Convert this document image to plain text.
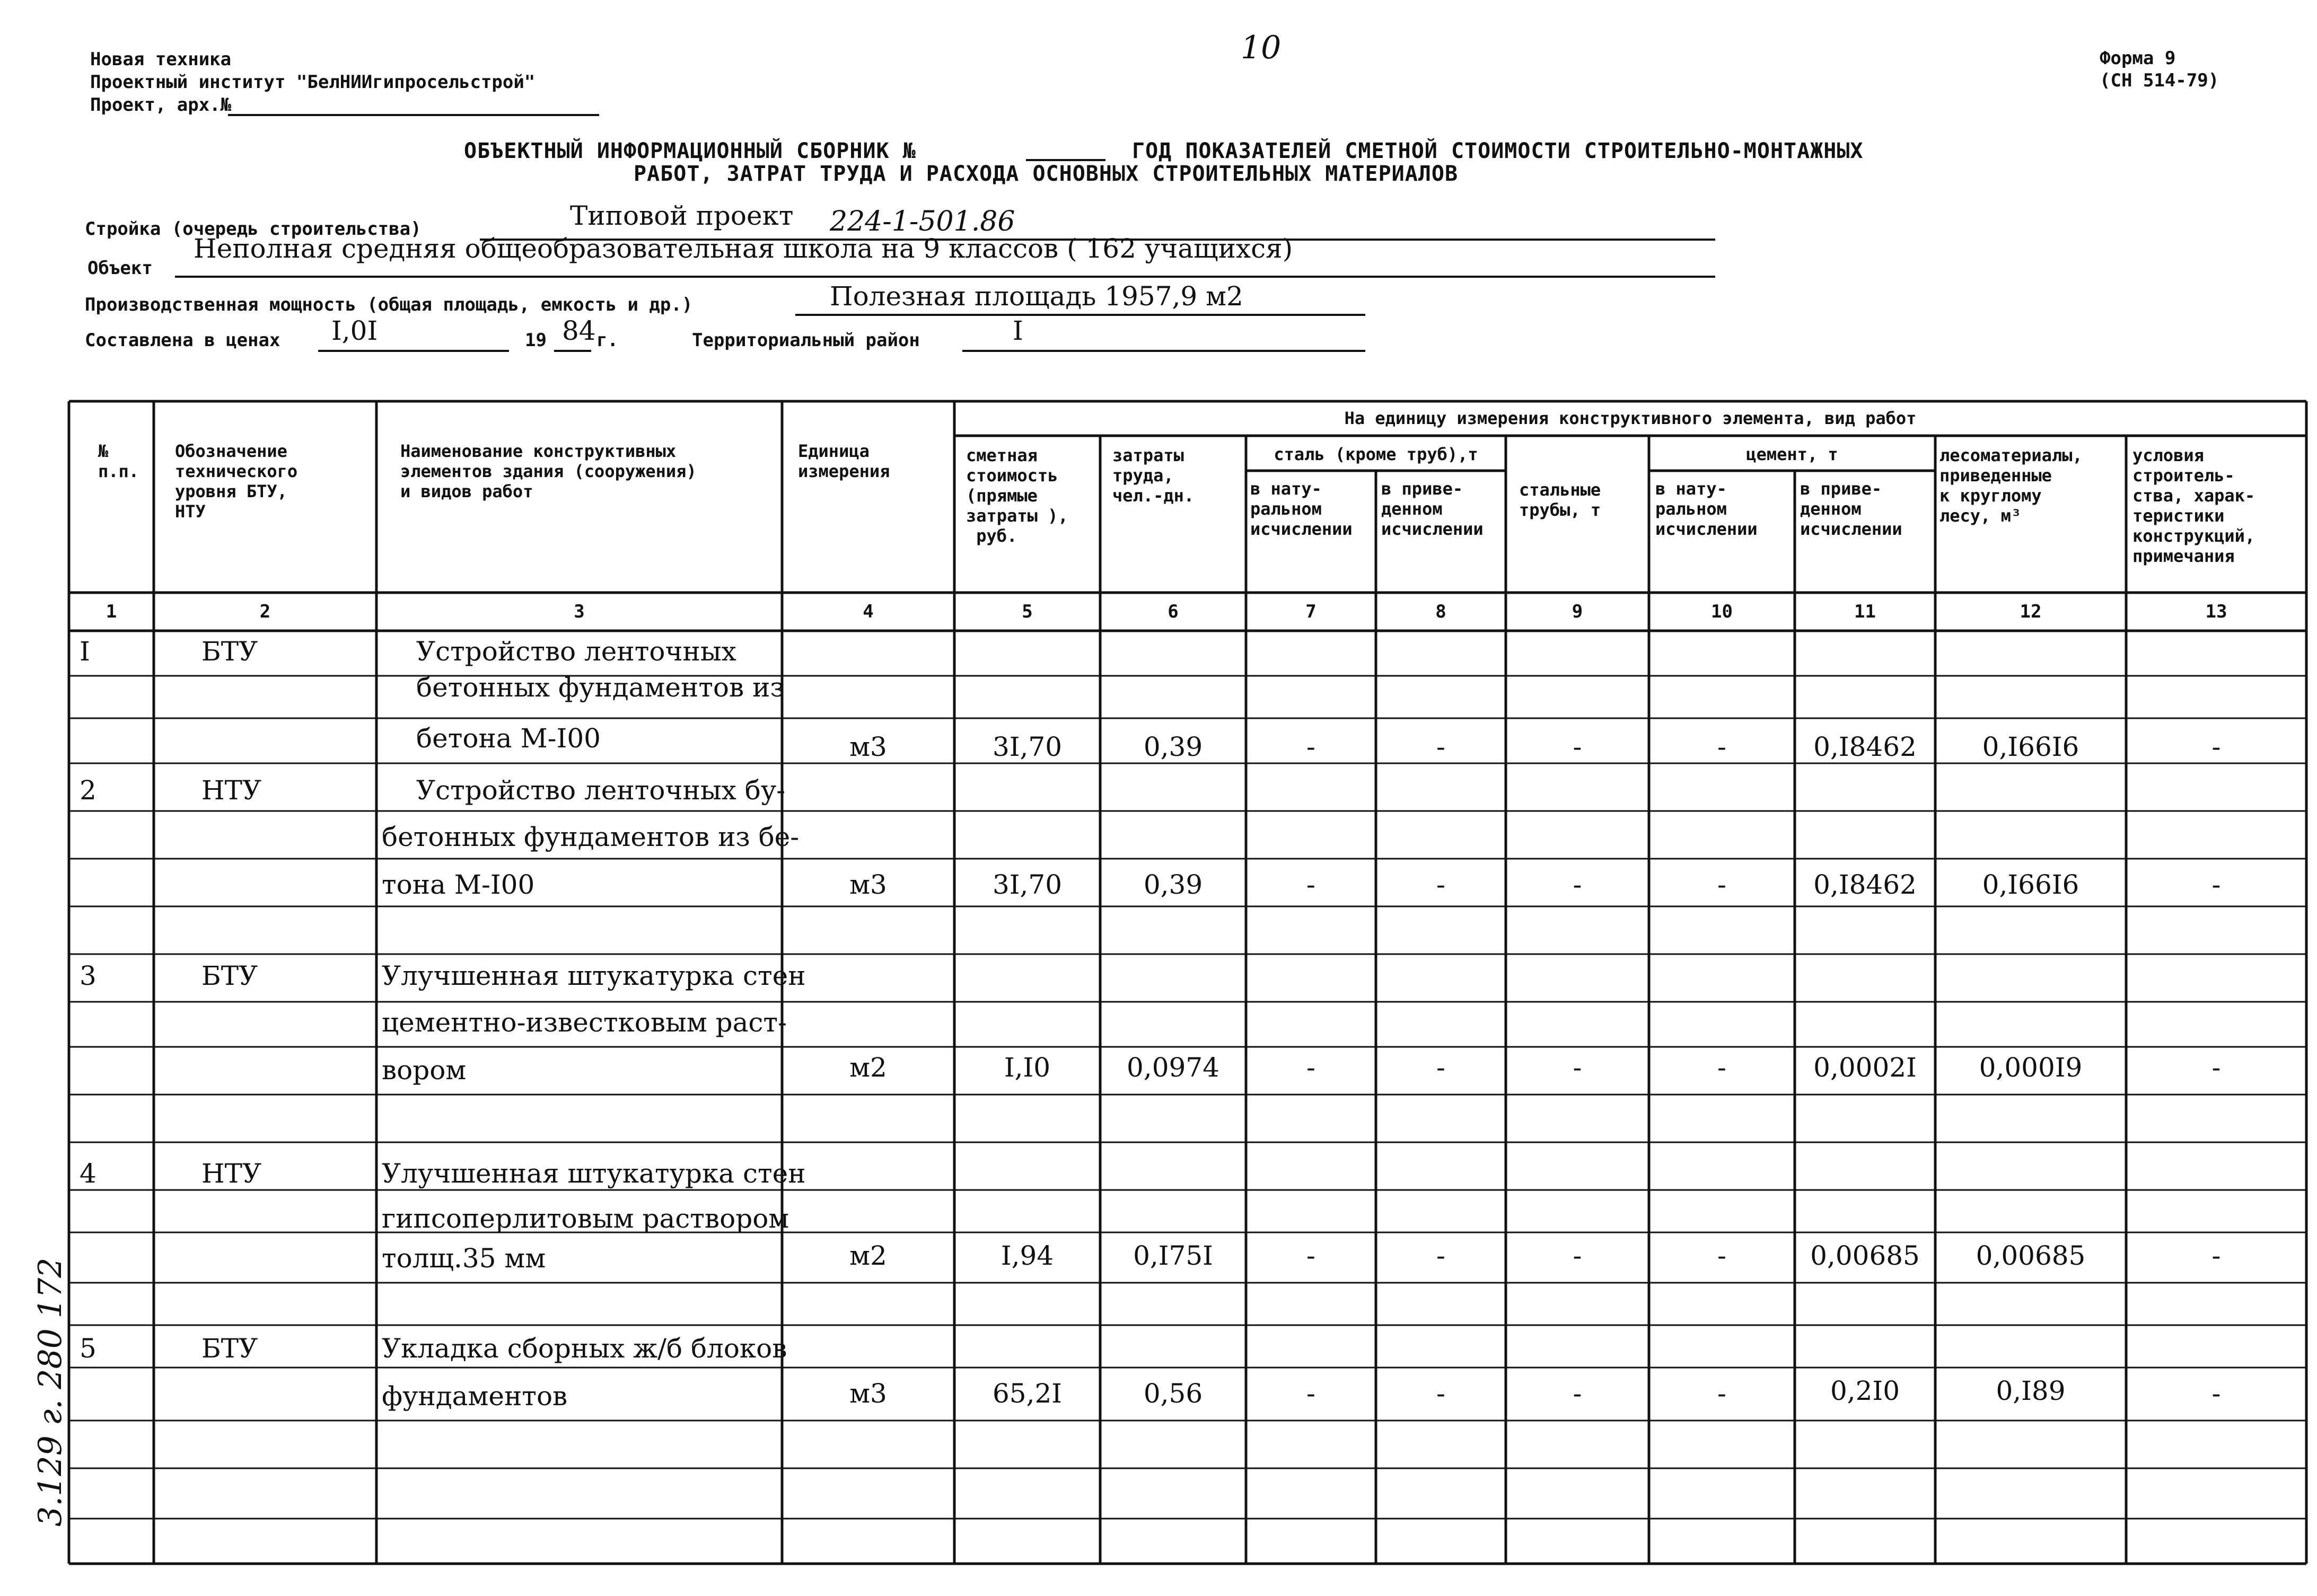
Новая техника
Проектный институт "БелНИИгипросельстрой"
Проект, арх.№
10	Форма 9
(СН 514-79)
ОБЪЕКТНЫЙ ИНФОРМАЦИОННЫЙ СБОРНИК №	ГОД ПОКАЗАТЕЛЕЙ СМЕТНОЙ СТОИМОСТИ СТРОИТЕЛЬНО-МОНТАЖНЫХ
РАБОТ, ЗАТРАТ ТРУДА И РАСХОДА ОСНОВНЫХ СТРОИТЕЛЬНЫХ МАТЕРИАЛОВ
Стройка (очередь строительства)	Типовой проект 224-1-501.86
Объект
Неполная средняя общеобразовательная школа на 9 классов ( 162 учащихся)
Производственная мощность (общая площадь, емкость и др.)	Полезная площадь 1957,9 м2
Составлена в ценах I,0I	19 84 г.	Территориальный район	I
На единицу измерения конструктивного элемента, вид работ
№
п.п.
Обозначение
технического
уровня БТУ,
НТУ
Наименование конструктивных
элементов здания (сооружения)
и видов работ
Единица
измерения
сметная
стоимость
(прямые
затраты ),
руб.
затраты
труда,
чел.-дн.
сталь (кроме труб),т
в нату-
ральном
исчислении
в приве-
денном
исчислении
стальные
трубы, т
цемент, т
в нату-
ральном
исчислении
в приве-
денном
исчислении
лесоматериалы,
приведенные
к круглому
лесу, м³
условия
строитель-
ства, харак-
теристики
конструкций,
примечания
1	2	3	4	5	6	7	8	9	10	11	12	13
I	БТУ	Устройство ленточных
бетонных фундаментов из
бетона М-I00	м3	3I,70	0,39	-	-	-	-	0,I8462	0,I66I6	-
2	НТУ	Устройство ленточных бу-
бетонных фундаментов из бе-
тона М-I00	м3	3I,70	0,39	-	-	-	-	0,I8462	0,I66I6	-
3	БТУ	Улучшенная штукатурка стен
цементно-известковым раст-
вором	м2	I,I0	0,0974	-	-	-	-	0,0002I	0,000I9	-
4	НТУ	Улучшенная штукатурка стен
гипсоперлитовым раствором
толщ.35 мм	м2	I,94	0,I75I	-	-	-	-	0,00685	0,00685	-
5	БТУ	Укладка сборных ж/б блоков
фундаментов	м3	65,2I	0,56	-	-	-	-	0,2I0	0,I89	-
3.129 г. 280 172
